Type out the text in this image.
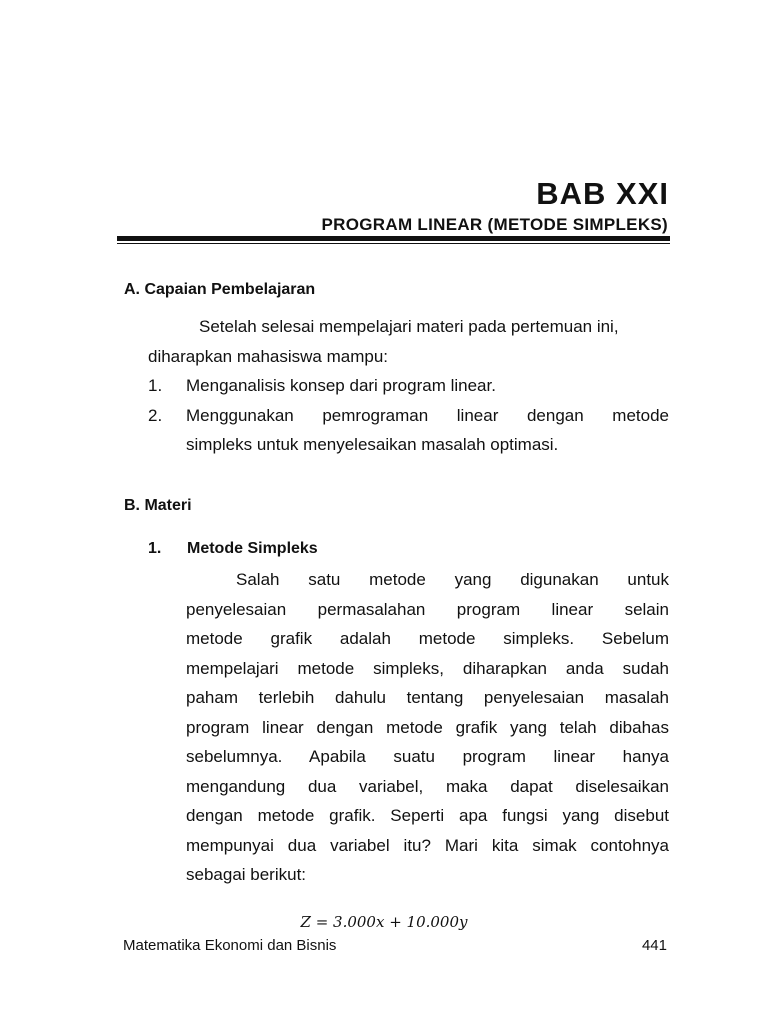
BAB XXI
PROGRAM LINEAR (METODE SIMPLEKS)
A. Capaian Pembelajaran
Setelah selesai mempelajari materi pada pertemuan ini,
diharapkan mahasiswa mampu:
1.	Menganalisis konsep dari program linear.
2.	Menggunakan pemrograman linear dengan metode
simpleks untuk menyelesaikan masalah optimasi.
B. Materi
1. Metode Simpleks
Salah satu metode yang digunakan untuk
penyelesaian permasalahan program linear selain
metode grafik adalah metode simpleks. Sebelum
mempelajari metode simpleks, diharapkan anda sudah
paham terlebih dahulu tentang penyelesaian masalah
program linear dengan metode grafik yang telah dibahas
sebelumnya. Apabila suatu program linear hanya
mengandung dua variabel, maka dapat diselesaikan
dengan metode grafik. Seperti apa fungsi yang disebut
mempunyai dua variabel itu? Mari kita simak contohnya
sebagai berikut:
Z = 3.000x + 10.000y
Matematika Ekonomi dan Bisnis	441
